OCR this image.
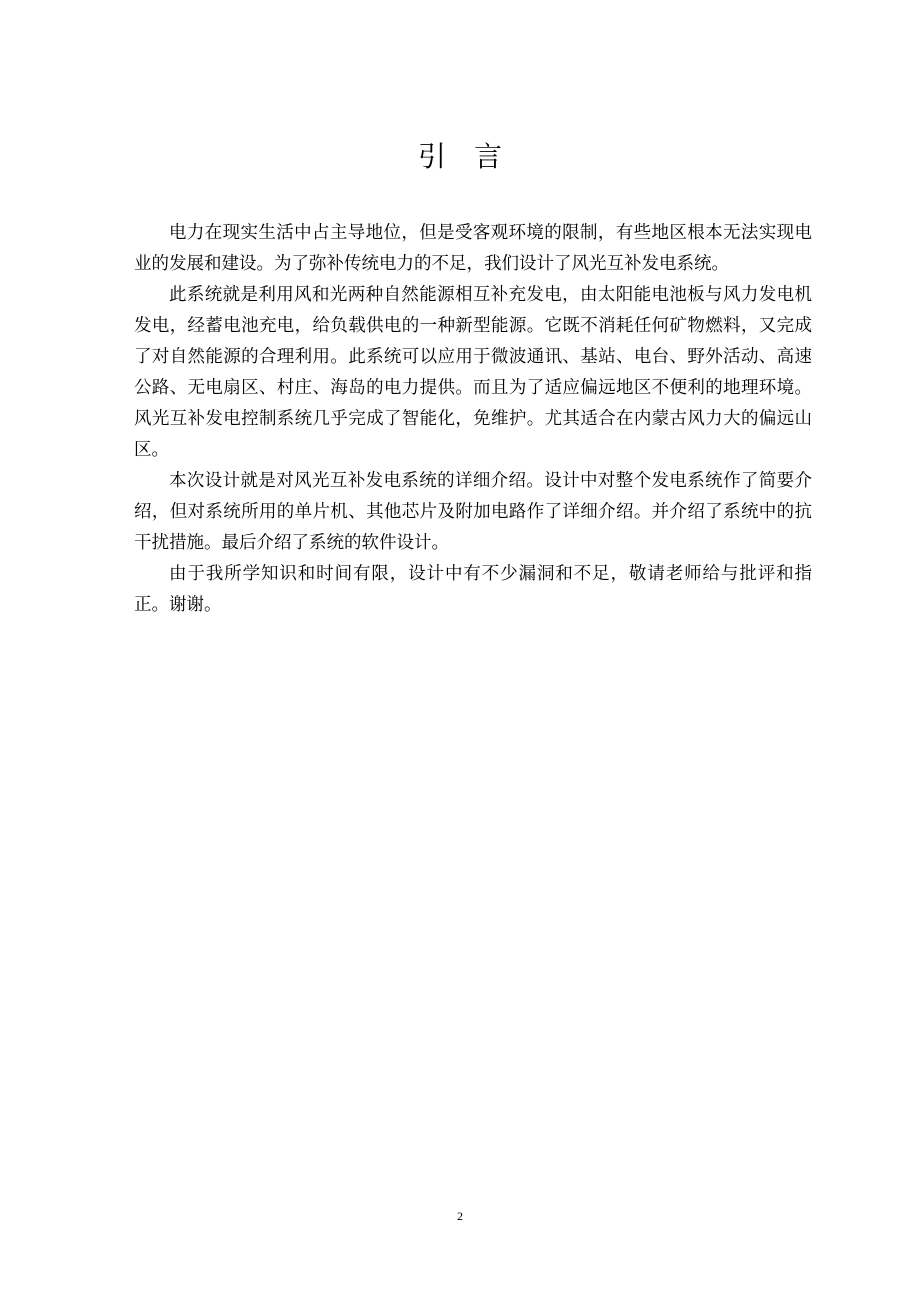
引言

电力在现实生活中占主导地位，但是受客观环境的限制，有些地区根本无法实现电业的发展和建设。为了弥补传统电力的不足，我们设计了风光互补发电系统。

此系统就是利用风和光两种自然能源相互补充发电，由太阳能电池板与风力发电机发电，经蓄电池充电，给负载供电的一种新型能源。它既不消耗任何矿物燃料，又完成了对自然能源的合理利用。此系统可以应用于微波通讯、基站、电台、野外活动、高速公路、无电扇区、村庄、海岛的电力提供。而且为了适应偏远地区不便利的地理环境。风光互补发电控制系统几乎完成了智能化，免维护。尤其适合在内蒙古风力大的偏远山区。

本次设计就是对风光互补发电系统的详细介绍。设计中对整个发电系统作了简要介绍，但对系统所用的单片机、其他芯片及附加电路作了详细介绍。并介绍了系统中的抗干扰措施。最后介绍了系统的软件设计。

由于我所学知识和时间有限，设计中有不少漏洞和不足，敬请老师给与批评和指正。谢谢。

2
